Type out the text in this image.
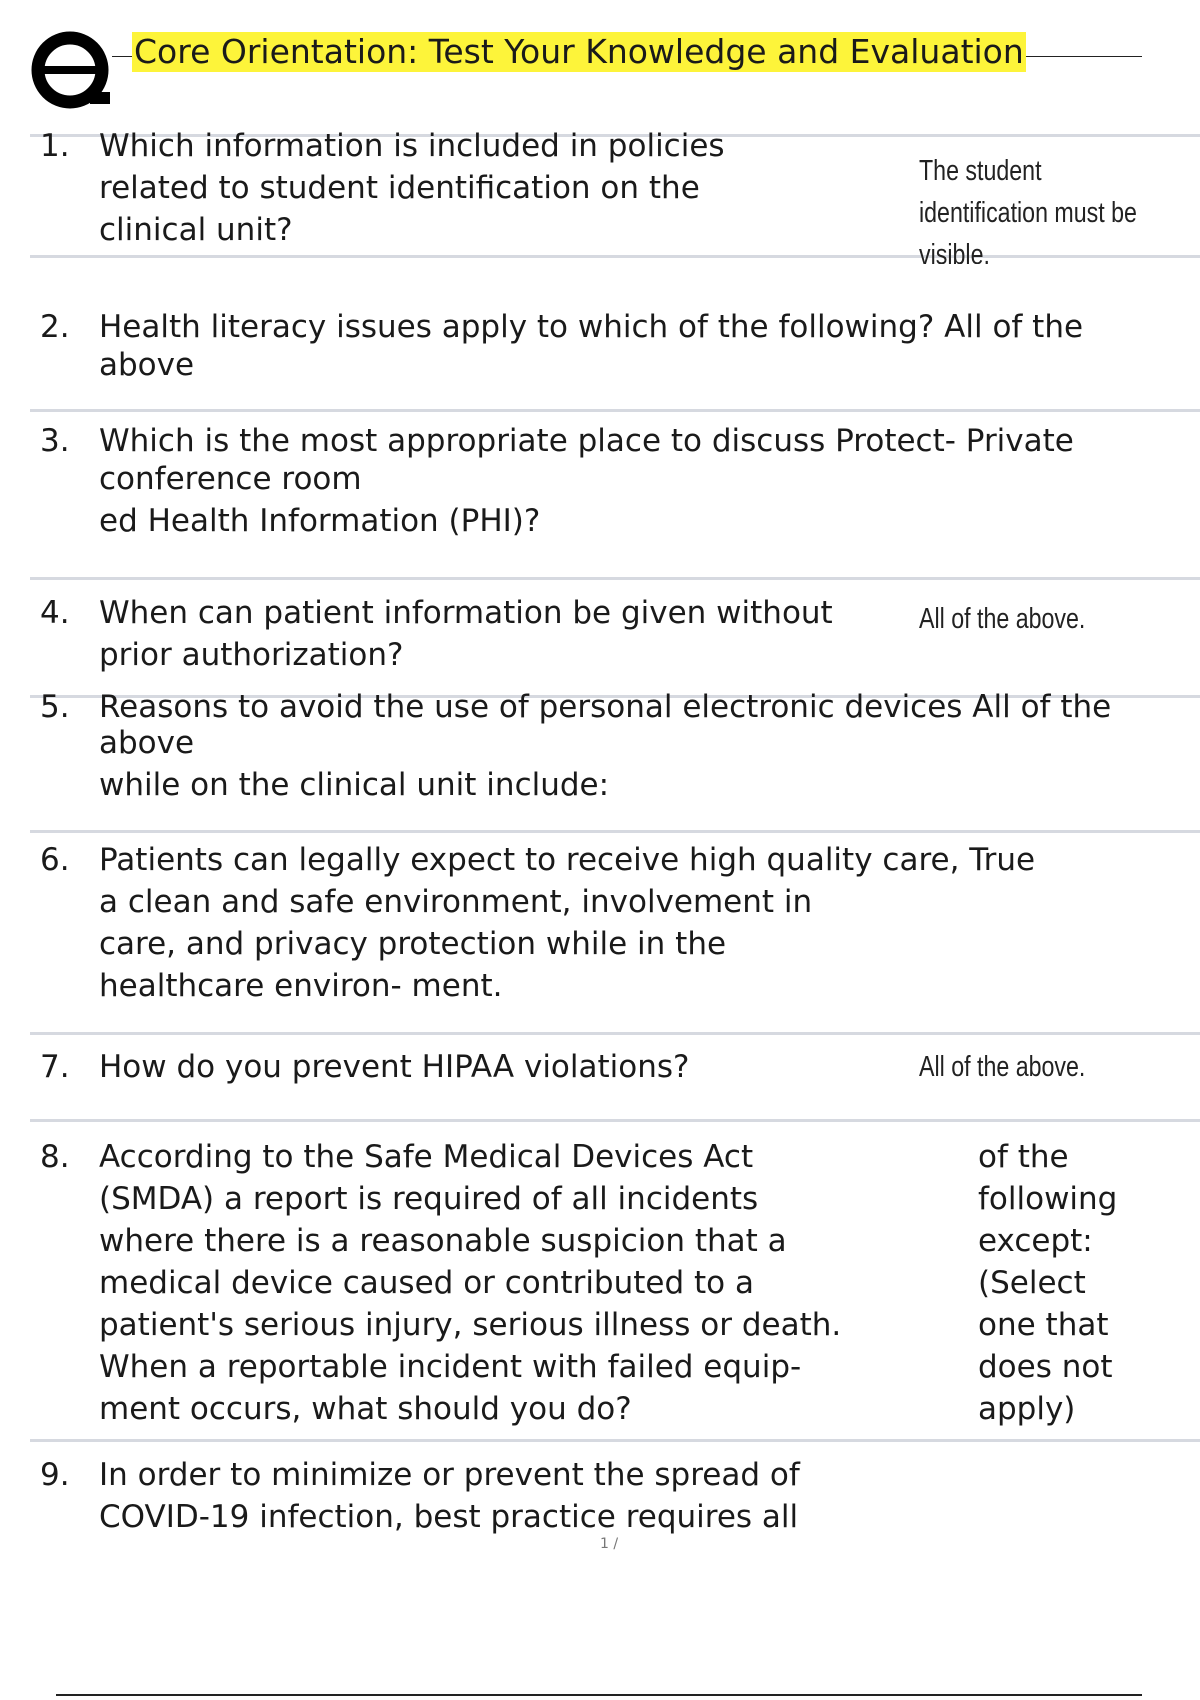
Core Orientation: Test Your Knowledge and Evaluation
1. Which information is included in policies
related to student identification on the
clinical unit?
The student
identification must be
visible.
2. Health literacy issues apply to which of the following? All of the
above
3. Which is the most appropriate place to discuss Protect- Private
conference room
ed Health Information (PHI)?
4. When can patient information be given without
prior authorization?
All of the above.
5. Reasons to avoid the use of personal electronic devices All of the
above
while on the clinical unit include:
6. Patients can legally expect to receive high quality care, True
a clean and safe environment, involvement in
care, and privacy protection while in the
healthcare environ- ment.
7. How do you prevent HIPAA violations?	All of the above.
8. According to the Safe Medical Devices Act
(SMDA) a report is required of all incidents
where there is a reasonable suspicion that a
medical device caused or contributed to a
patient's serious injury, serious illness or death.
When a reportable incident with failed equip-
ment occurs, what should you do?
of the
following
except:
(Select
one that
does not
apply)
9. In order to minimize or prevent the spread of
COVID-19 infection, best practice requires all
1 /
